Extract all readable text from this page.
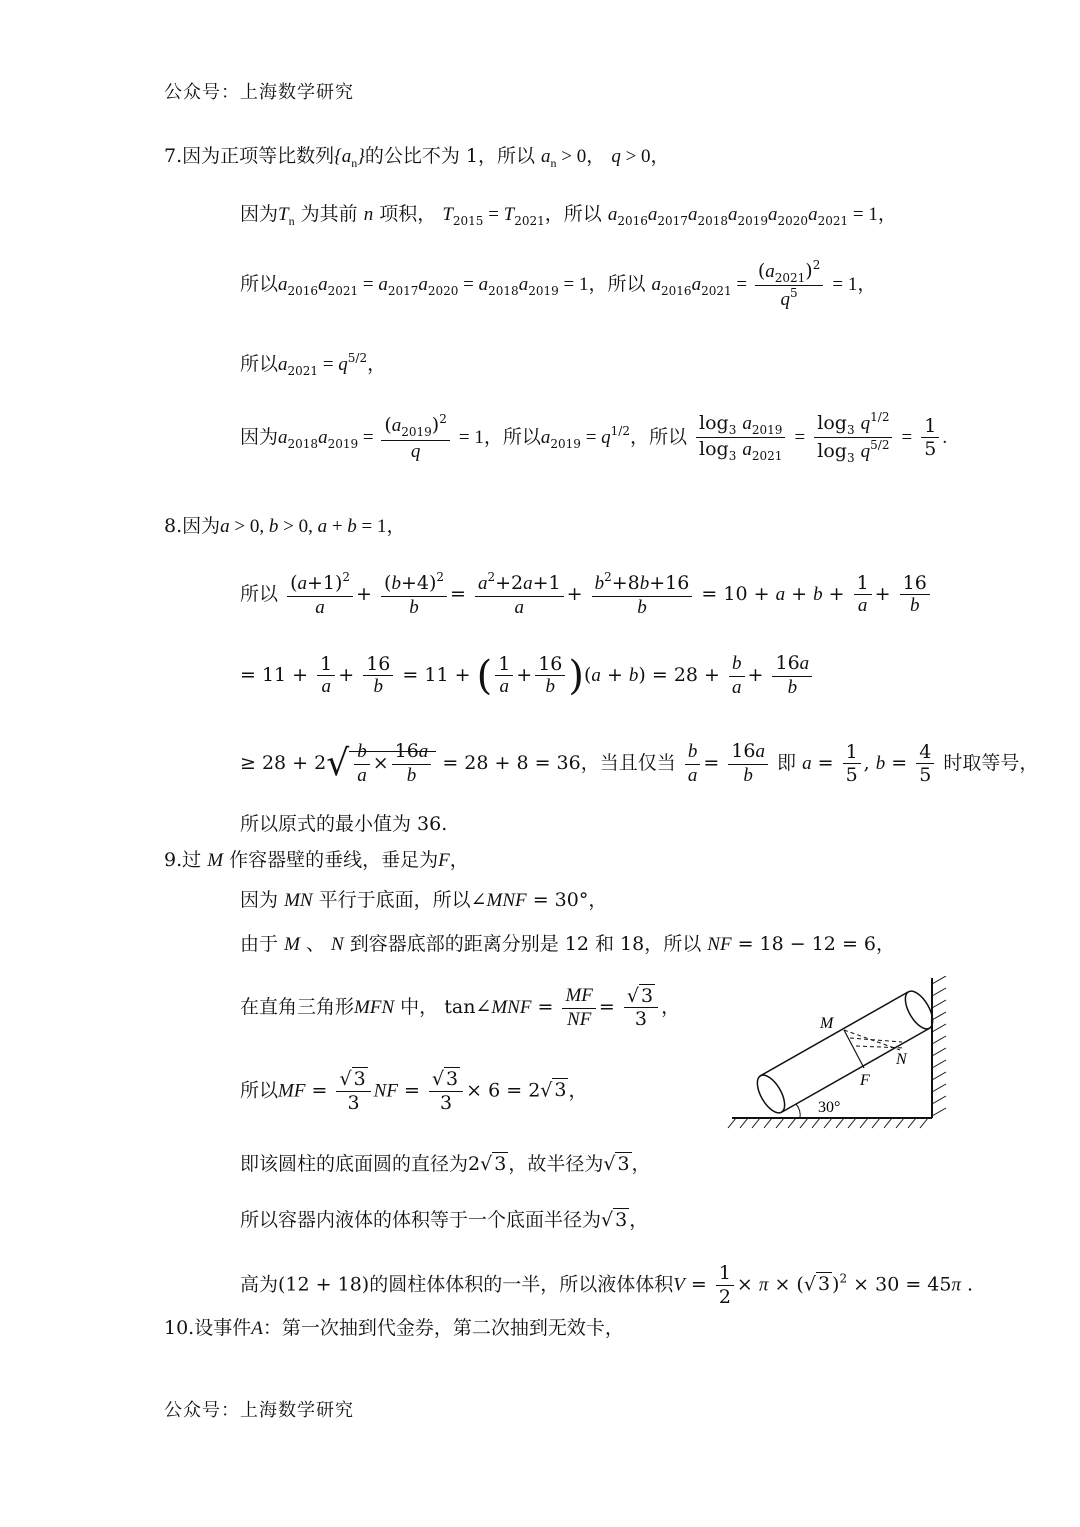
公众号：上海数学研究
7.因为正项等比数列$\{a_n\}$的公比不为 1，所以 $a_n > 0$， q > 0，
因为$T_n$ 为其前 n 项积， $T_{2015} = T_{2021}$，所以 $a_{2016}a_{2017}a_{2018}a_{2019}a_{2020}a_{2021} = 1$，
所以$a_{2016}a_{2021} = a_{2017}a_{2020} = a_{2018}a_{2019} = 1$，所以 $a_{2016}a_{2021} = \frac{(a_{2021})^2}{q^5} = 1$，
所以$a_{2021} = q^{5/2}$，
因为$a_{2018}a_{2019} = \frac{(a_{2019})^2}{q} = 1$，所以$a_{2019} = q^{1/2}$，所以 $\frac{\log_3 a_{2019}}{\log_3 a_{2021}} = \frac{\log_3 q^{1/2}}{\log_3 q^{5/2}} = \frac{1}{5}$ .
8.因为a > 0, b > 0, a + b = 1，
所以 $\frac{(a+1)^2}{a} + \frac{(b+4)^2}{b} = \frac{a^2+2a+1}{a} + \frac{b^2+8b+16}{b} = 10 + a + b + \frac{1}{a} + \frac{16}{b}$
= $11 + \frac{1}{a} + \frac{16}{b} = 11$ + ( $\frac{1}{a} + \frac{16}{b} )(a + b) = 28 + \frac{b}{a} + \frac{16a}{b}$
≥ $28 + 2√ \frac{b}{a} \times \frac{16a}{b} = 28 + 8 = 36$，当且仅当 $\frac{b}{a} = \frac{16a}{b}$ 即 $a = \frac{1}{5}$ , $b = \frac{4}{5}$ 时取等号，
所以原式的最小值为 36.
9.过 M 作容器壁的垂线，垂足为F，
因为 MN 平行于底面，所以∠MNF = 30°，
由于 M 、 N 到容器底部的距离分别是 12 和 18，所以 NF = 18 − 12 = 6，
在直角三角形MFN 中， tan∠MNF = $\frac{MF}{NF} = \frac{√ 3}{3}$ ，
所以MF = $\frac{√ 3}{3}$ NF = $\frac{√ 3}{3} \times 6 = 2√$ 3 ，
即该圆柱的底面圆的直径为2√ 3 ，故半径为√ 3 ，
所以容器内液体的体积等于一个底面半径为√ 3 ，
高为(12 + 18)的圆柱体体积的一半，所以液体体积$V = \frac{1}{2} \times \pi$ × (√ 3 )$^2$ × 30 = 45π .
10.设事件A：第一次抽到代金券，第二次抽到无效卡，
公众号：上海数学研究
M
N
F
30°
